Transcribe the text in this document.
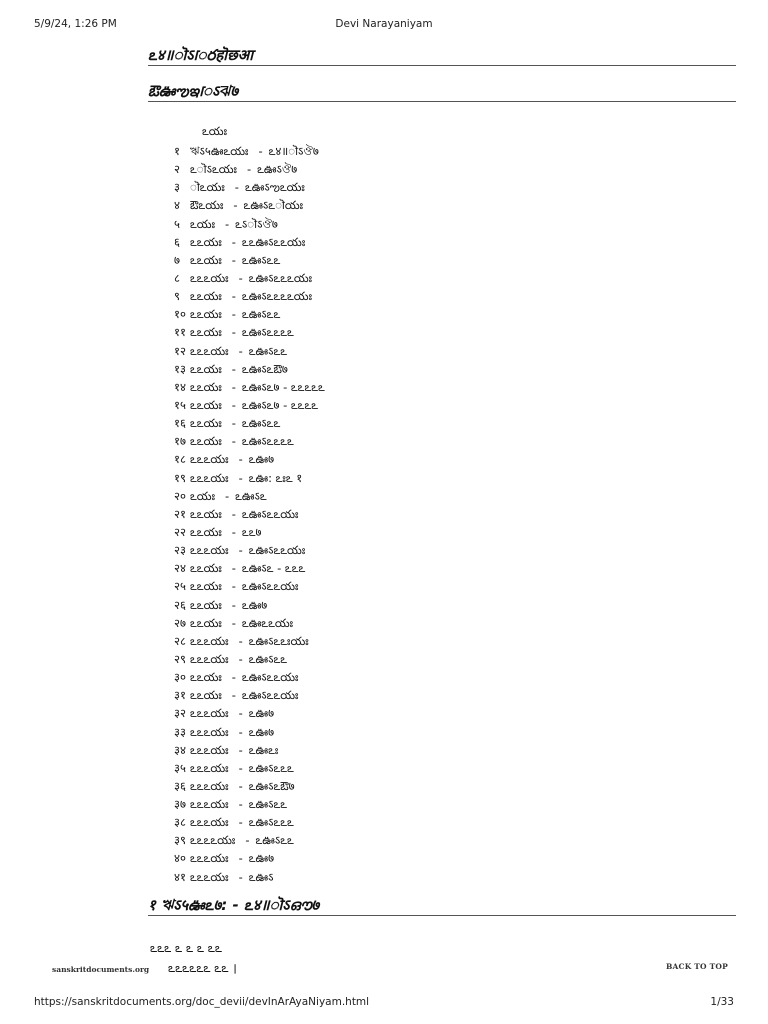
5/9/24, 1:26 PM	Devi Narayaniyam
ఽ४॥ॊऽॎరहॊछआ
ఔఊఌఇॎऽঝ७
ఽయః
१ ঋऽ५ఊఽయః - ఽ४॥ॊऽঔ७
२ ఽॊऽఽయః - ఽఊऽঔ७
३ ॊఽయః - ఽఊऽఌఽయః
४ ఔఽయః - ఽఊऽఽॊయః
५ ఽయః - ఽऽॊऽঔ७
६ ఽఽయః - ఽఽఊऽఽఽయః
७ ఽఽయః - ఽఊऽఽఽ
८ ఽఽఽయః - ఽఊऽఽఽఽయః
९ ఽఽయః - ఽఊऽఽఽఽఽయః
१० ఽఽయః - ఽఊऽఽఽ
११ ఽఽయః - ఽఊऽఽఽఽఽ
१२ ఽఽఽయః - ఽఊऽఽఽ
१३ ఽఽయః - ఽఊऽఽఔ७
१४ ఽఽయః - ఽఊऽఽ७ - ఽఽఽఽఽ
१५ ఽఽయః - ఽఊऽఽ७ - ఽఽఽఽ
१६ ఽఽయః - ఽఊऽఽఽ
१७ ఽఽయః - ఽఊऽఽఽఽఽ
१८ ఽఽఽయః - ఽఊ७
१९ ఽఽఽయః - ఽఊ: ఽఃఽ १
२० ఽయః - ఽఊऽఽ
२१ ఽఽయః - ఽఊऽఽఽయః
२२ ఽఽయః - ఽఽ७
२३ ఽఽఽయః - ఽఊऽఽఽయః
२४ ఽఽయః - ఽఊऽఽ - ఽఽఽ
२५ ఽఽయః - ఽఊऽఽఽయః
२६ ఽఽయః - ఽఊ७
२७ ఽఽయః - ఽఊఽఽయః
२८ ఽఽఽయః - ఽఊऽఽఽఃయః
२९ ఽఽఽయః - ఽఊऽఽఽ
३० ఽఽయః - ఽఊऽఽఽయః
३१ ఽఽయః - ఽఊऽఽఽయః
३२ ఽఽఽయః - ఽఊ७
३३ ఽఽఽయః - ఽఊ७
३४ ఽఽఽయః - ఽఊఽః
३५ ఽఽఽయః - ఽఊऽఽఽఽ
३६ ఽఽఽయః - ఽఊऽఽఔ७
३७ ఽఽఽయః - ఽఊऽఽఽ
३८ ఽఽఽయః - ఽఊऽఽఽఽ
३९ ఽఽఽఽయః - ఽఊऽఽఽ
४० ఽఽఽయః - ఽఊ७
४१ ఽఽఽయః - ఽఊऽ
१ ঋऽ५ఊఽ७: - ఽ४॥ॊऽഔ७
ఽఽఽ ఽ ఽ ఽ ఽఽ
ఽఽఽఽఽఽ ఽఽ ।
sanskritdocuments.org	BACK TO TOP
https://sanskritdocuments.org/doc_devii/devInArAyaNiyam.html	1/33
